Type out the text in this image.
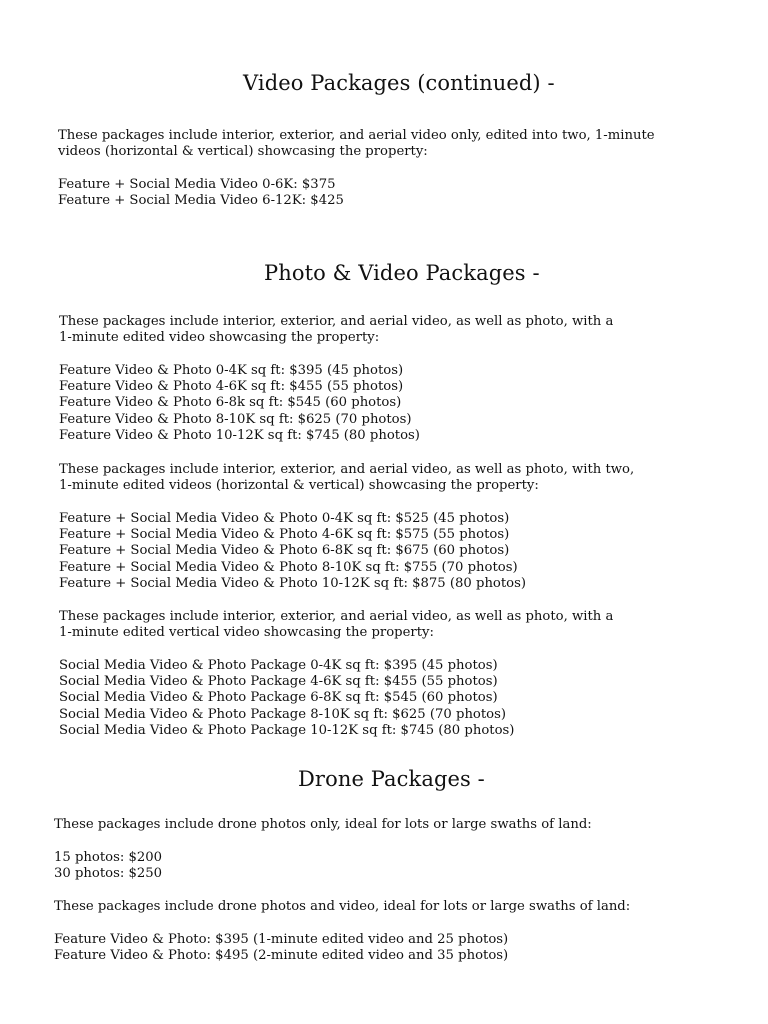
Video Packages (continued) -
These packages include interior, exterior, and aerial video only, edited into two, 1-minute
videos (horizontal & vertical) showcasing the property:
Feature + Social Media Video 0-6K: $375
Feature + Social Media Video 6-12K: $425
Photo & Video Packages -
These packages include interior, exterior, and aerial video, as well as photo, with a
1-minute edited video showcasing the property:
Feature Video & Photo 0-4K sq ft: $395 (45 photos)
Feature Video & Photo 4-6K sq ft: $455 (55 photos)
Feature Video & Photo 6-8k sq ft: $545 (60 photos)
Feature Video & Photo 8-10K sq ft: $625 (70 photos)
Feature Video & Photo 10-12K sq ft: $745 (80 photos)
These packages include interior, exterior, and aerial video, as well as photo, with two,
1-minute edited videos (horizontal & vertical) showcasing the property:
Feature + Social Media Video & Photo 0-4K sq ft: $525 (45 photos)
Feature + Social Media Video & Photo 4-6K sq ft: $575 (55 photos)
Feature + Social Media Video & Photo 6-8K sq ft: $675 (60 photos)
Feature + Social Media Video & Photo 8-10K sq ft: $755 (70 photos)
Feature + Social Media Video & Photo 10-12K sq ft: $875 (80 photos)
These packages include interior, exterior, and aerial video, as well as photo, with a
1-minute edited vertical video showcasing the property:
Social Media Video & Photo Package 0-4K sq ft: $395 (45 photos)
Social Media Video & Photo Package 4-6K sq ft: $455 (55 photos)
Social Media Video & Photo Package 6-8K sq ft: $545 (60 photos)
Social Media Video & Photo Package 8-10K sq ft: $625 (70 photos)
Social Media Video & Photo Package 10-12K sq ft: $745 (80 photos)
Drone Packages -
These packages include drone photos only, ideal for lots or large swaths of land:
15 photos: $200
30 photos: $250
These packages include drone photos and video, ideal for lots or large swaths of land:
Feature Video & Photo: $395 (1-minute edited video and 25 photos)
Feature Video & Photo: $495 (2-minute edited video and 35 photos)
